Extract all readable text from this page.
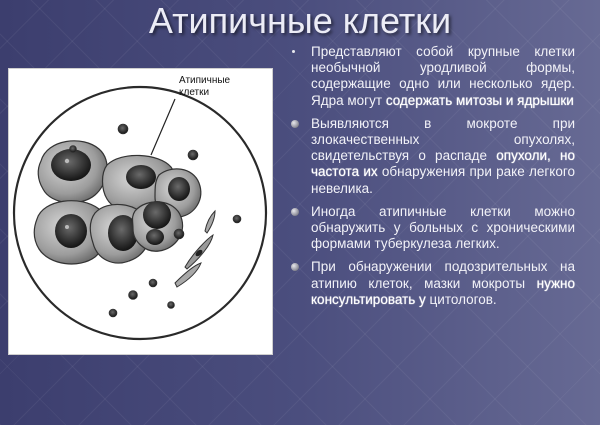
Атипичные клетки
Атипичные
клетки

Представляют собой крупные клетки необычной уродливой формы, содержащие одно или несколько ядер. Ядра могут содержать митозы и ядрышки

Выявляются в мокроте при злокачественных опухолях, свидетельствуя о распаде опухоли, но частота их обнаружения при раке легкого невелика.

Иногда атипичные клетки можно обнаружить у больных с хроническими формами туберкулеза легких.

При обнаружении подозрительных на атипию клеток, мазки мокроты нужно консультировать у цитологов.
